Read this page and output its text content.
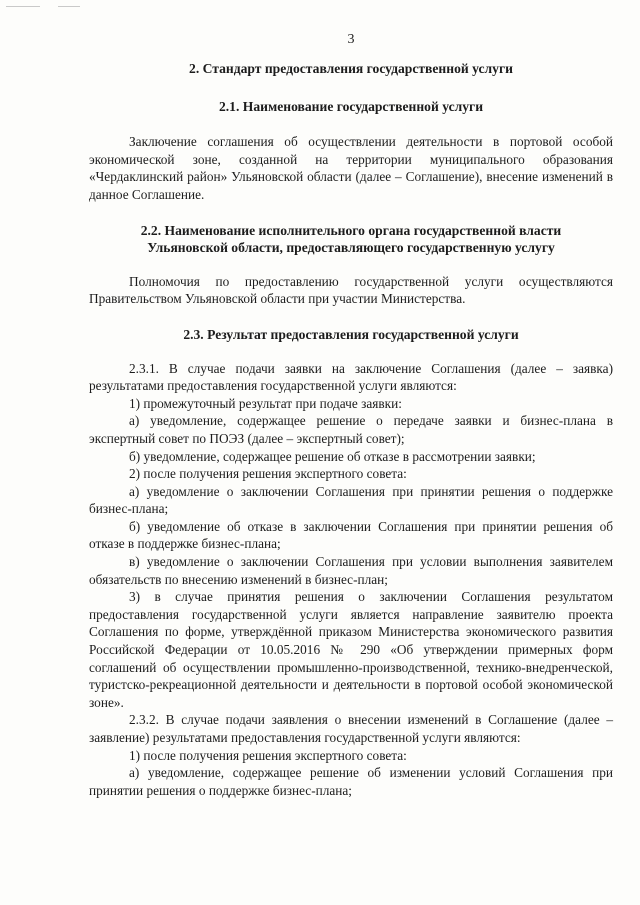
3
2. Стандарт предоставления государственной услуги
2.1. Наименование государственной услуги

Заключение соглашения об осуществлении деятельности в портовой особой экономической зоне, созданной на территории муниципального образования «Чердаклинский район» Ульяновской области (далее – Соглашение), внесение изменений в данное Соглашение.

2.2. Наименование исполнительного органа государственной власти
Ульяновской области, предоставляющего государственную услугу

Полномочия по предоставлению государственной услуги осуществляются Правительством Ульяновской области при участии Министерства.

2.3. Результат предоставления государственной услуги

2.3.1. В случае подачи заявки на заключение Соглашения (далее – заявка) результатами предоставления государственной услуги являются:

1) промежуточный результат при подаче заявки:

а) уведомление, содержащее решение о передаче заявки и бизнес-плана в экспертный совет по ПОЭЗ (далее – экспертный совет);

б) уведомление, содержащее решение об отказе в рассмотрении заявки;

2) после получения решения экспертного совета:

а) уведомление о заключении Соглашения при принятии решения о поддержке бизнес-плана;

б) уведомление об отказе в заключении Соглашения при принятии решения об отказе в поддержке бизнес-плана;

в) уведомление о заключении Соглашения при условии выполнения заявителем обязательств по внесению изменений в бизнес-план;

3) в случае принятия решения о заключении Соглашения результатом предоставления государственной услуги является направление заявителю проекта Соглашения по форме, утверждённой приказом Министерства экономического развития Российской Федерации от 10.05.2016 № 290 «Об утверждении примерных форм соглашений об осуществлении промышленно-производственной, технико-внедренческой, туристско-рекреационной деятельности и деятельности в портовой особой экономической зоне».

2.3.2. В случае подачи заявления о внесении изменений в Соглашение (далее – заявление) результатами предоставления государственной услуги являются:

1) после получения решения экспертного совета:

а) уведомление, содержащее решение об изменении условий Соглашения при принятии решения о поддержке бизнес-плана;
